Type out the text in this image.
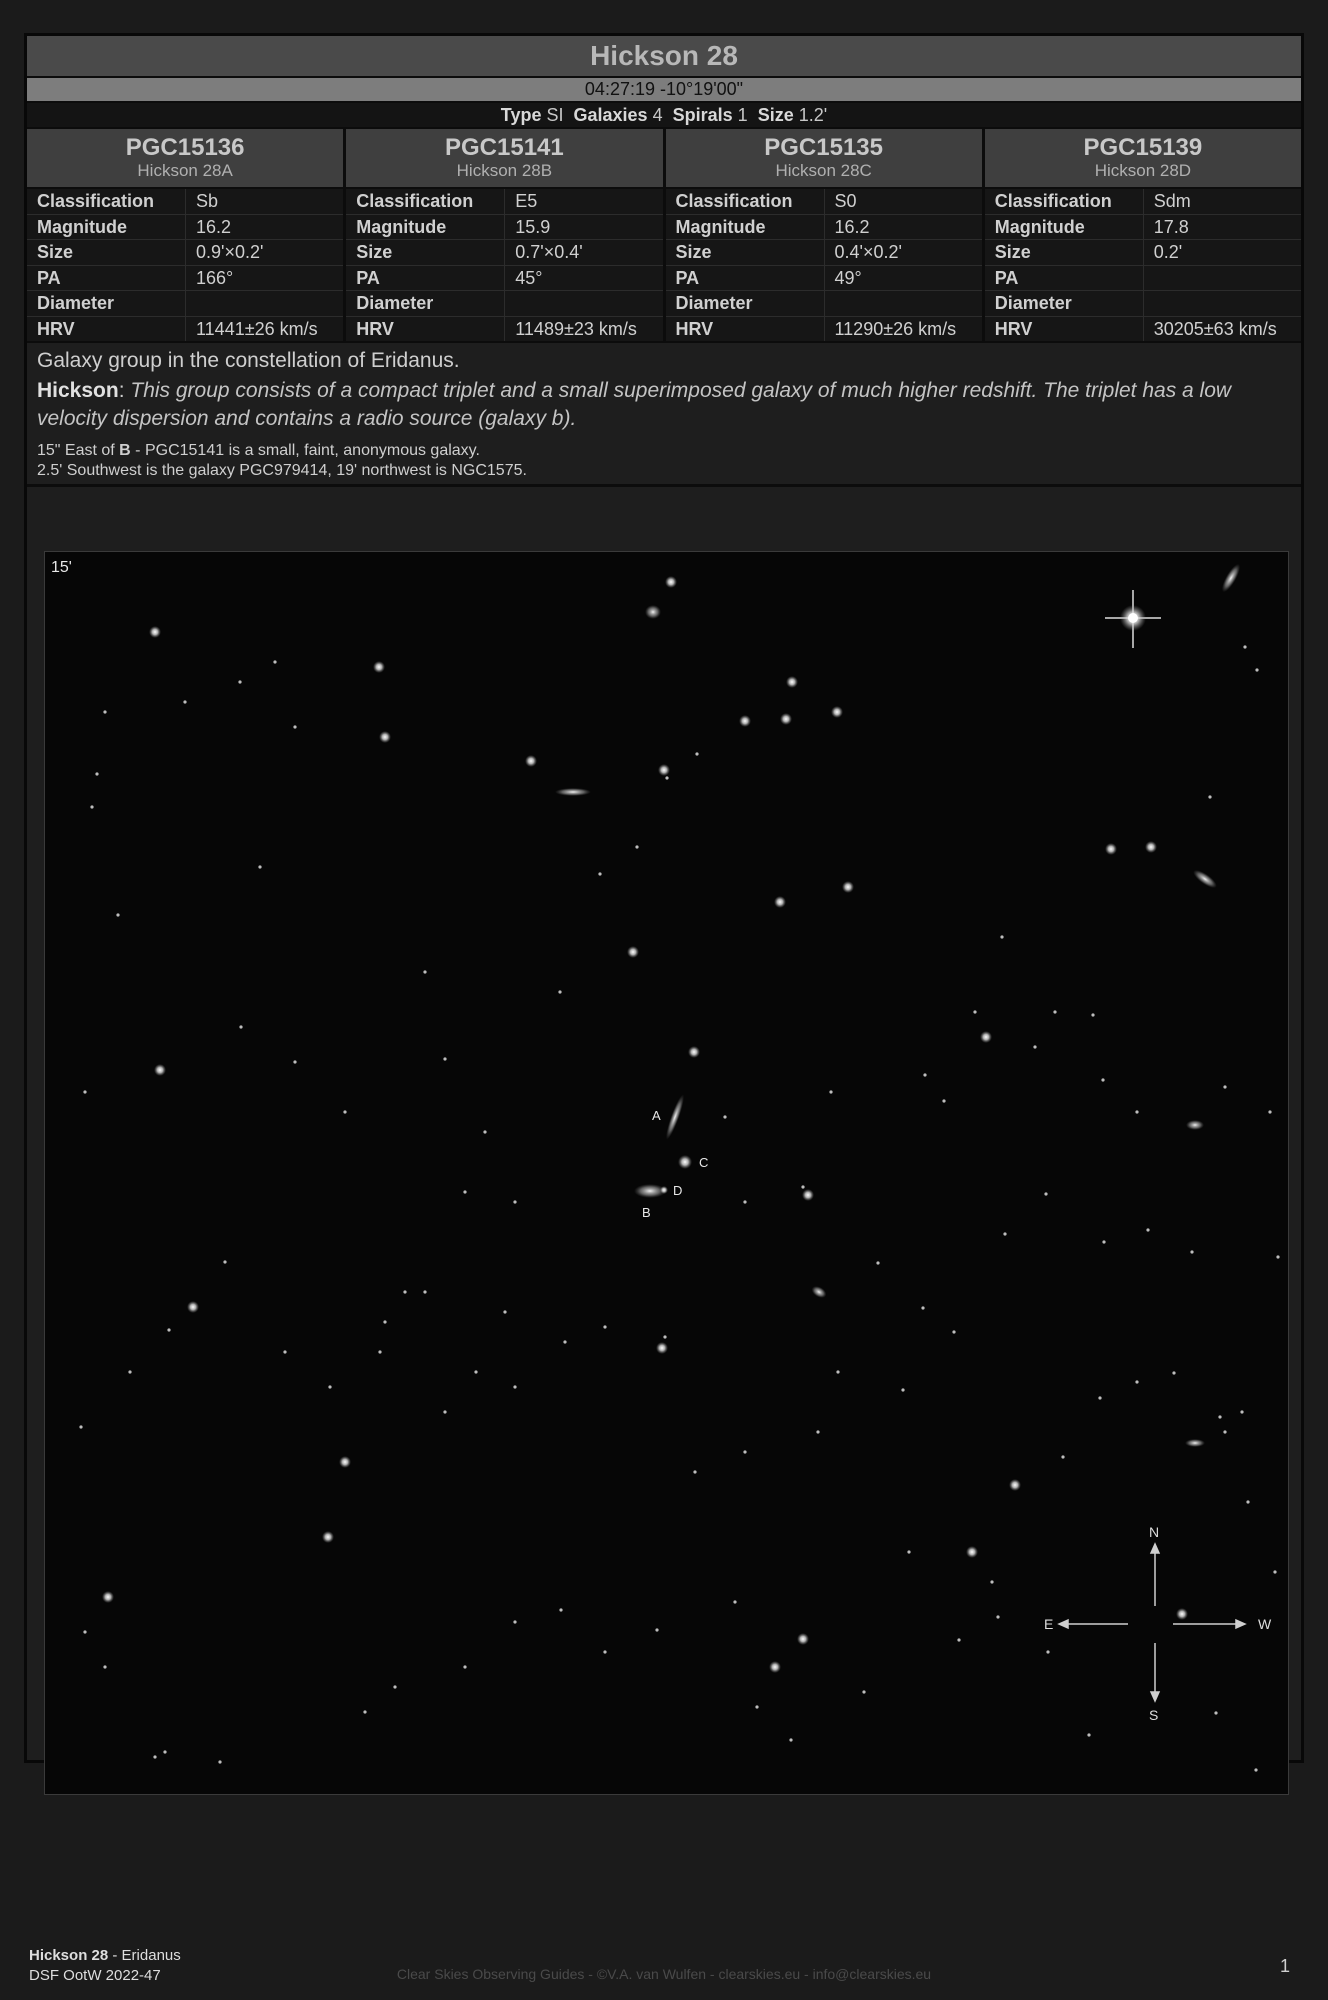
Hickson 28
04:27:19 -10°19'00"
Type SI Galaxies 4 Spirals 1 Size 1.2'
PGC15136
Hickson 28A
Classification	Sb
Magnitude	16.2
Size	0.9'×0.2'
PA	166°
Diameter
HRV	11441±26 km/s
PGC15141
Hickson 28B
Classification	E5
Magnitude	15.9
Size	0.7'×0.4'
PA	45°
Diameter
HRV	11489±23 km/s
PGC15135
Hickson 28C
Classification	S0
Magnitude	16.2
Size	0.4'×0.2'
PA	49°
Diameter
HRV	11290±26 km/s
PGC15139
Hickson 28D
Classification	Sdm
Magnitude	17.8
Size	0.2'
PA
Diameter
HRV	30205±63 km/s
Galaxy group in the constellation of Eridanus.
Hickson: This group consists of a compact triplet and a small superimposed galaxy of much higher redshift. The triplet has a low velocity dispersion and contains a radio source (galaxy b).
15" East of B - PGC15141 is a small, faint, anonymous galaxy.
2.5' Southwest is the galaxy PGC979414, 19' northwest is NGC1575.
A
C
D
B
15'
N
S
E	W
Hickson 28 - Eridanus
DSF OotW 2022-47	Clear Skies Observing Guides - ©V.A. van Wulfen - clearskies.eu - info@clearskies.eu	1
